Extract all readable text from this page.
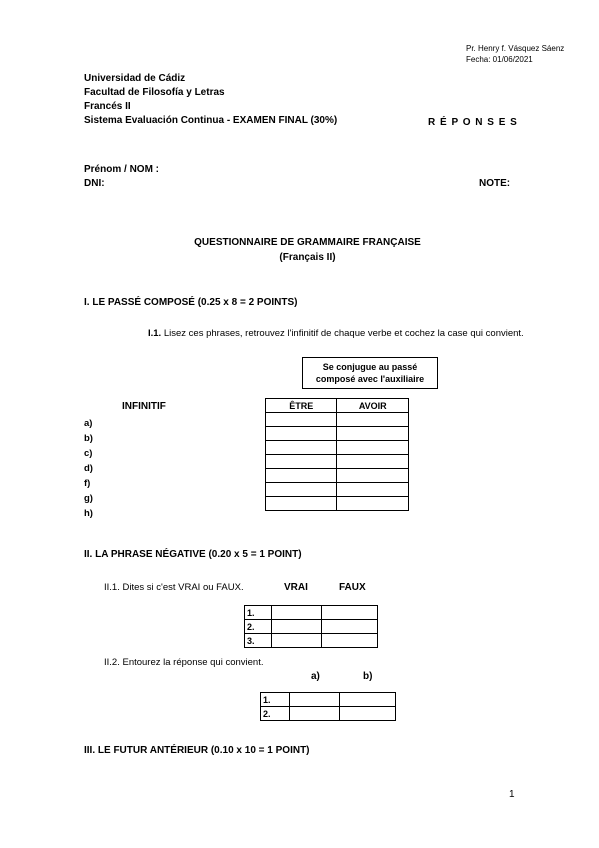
Pr. Henry f. Vásquez Sáenz
Fecha: 01/06/2021
Universidad de Cádiz
Facultad de Filosofía y Letras
Francés II
Sistema Evaluación Continua - EXAMEN FINAL (30%)	R É P O N S E S
Prénom / NOM :
DNI:	NOTE:
QUESTIONNAIRE DE GRAMMAIRE FRANÇAISE
(Français II)
I. LE PASSÉ COMPOSÉ (0.25 x 8 = 2 POINTS)
I.1. Lisez ces phrases, retrouvez l'infinitif de chaque verbe et cochez la case qui convient.
Se conjugue au passé
composé avec l'auxiliaire
INFINITIF
a)
b)
c)
d)
f)
g)
h)
ÊTRE	AVOIR

II. LA PHRASE NÉGATIVE (0.20 x 5 = 1 POINT)
II.1. Dites si c'est VRAI ou FAUX.	VRAI	FAUX
1.		
2.		
3.		
II.2. Entourez la réponse qui convient.
a)	b)
1.		
2.		
III. LE FUTUR ANTÉRIEUR (0.10 x 10 = 1 POINT)
1
